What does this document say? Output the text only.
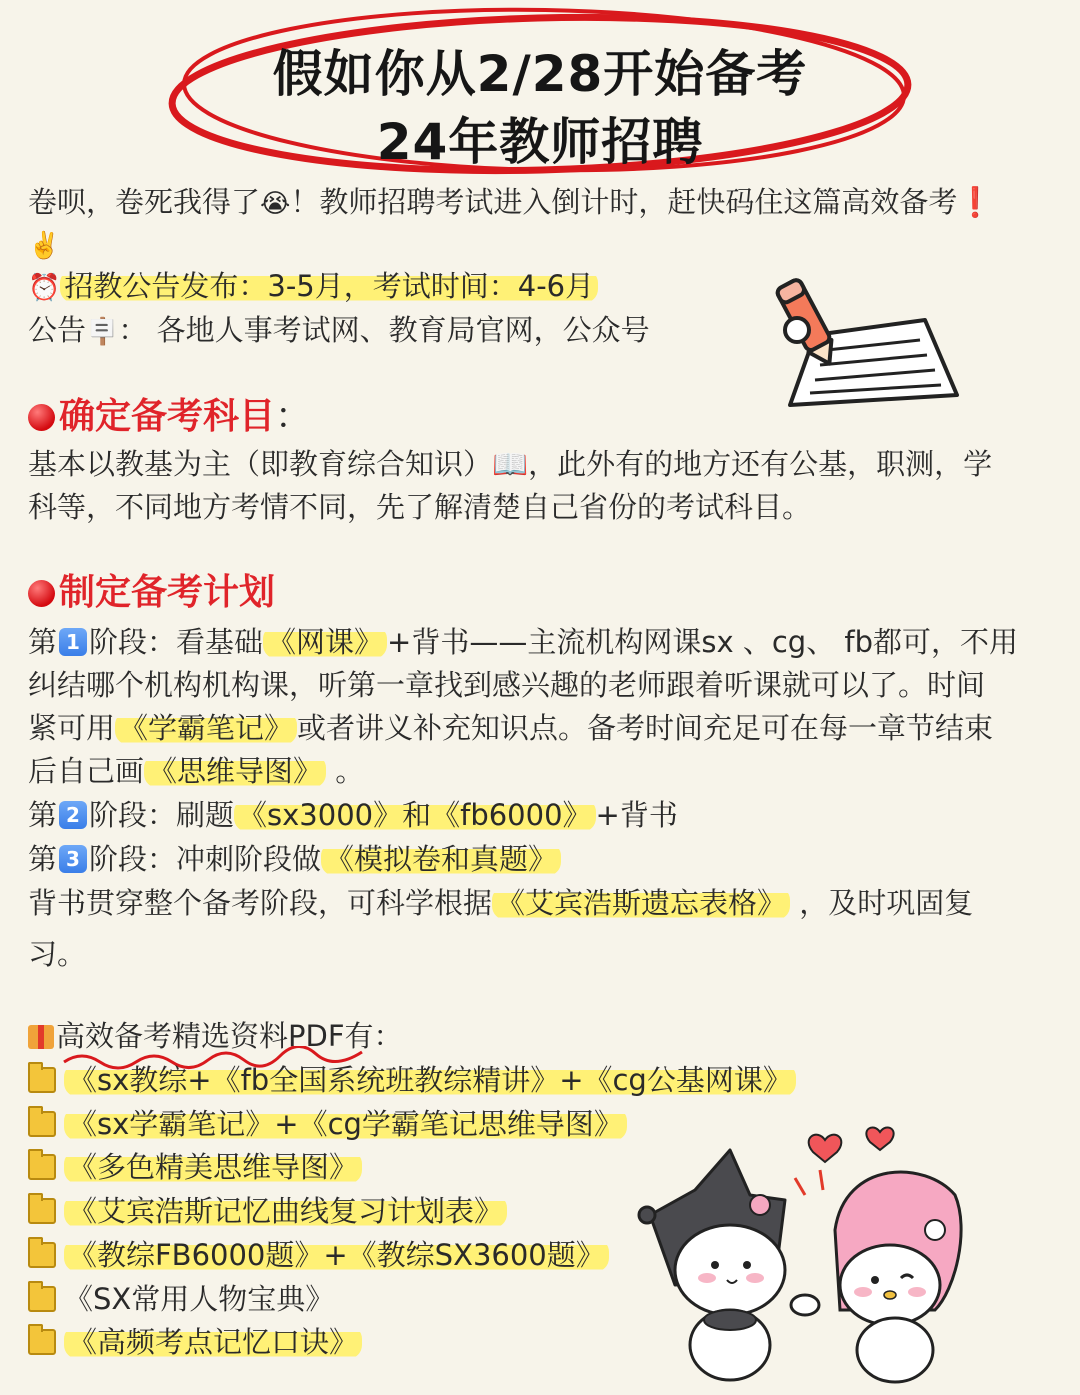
假如你从2/28开始备考
24年教师招聘
卷呗，卷死我得了😭！教师招聘考试进入倒计时，赶快码住这篇高效备考❗️
✌️
⏰ 招教公告发布：3-5月，考试时间：4-6月
公告🪧： 各地人事考试网、教育局官网，公众号
确定备考科目：
基本以教基为主（即教育综合知识）📖，此外有的地方还有公基，职测，学
科等，不同地方考情不同，先了解清楚自己省份的考试科目。
制定备考计划
第 1 阶段：看基础 《网课》 +背书——主流机构网课sx 、cg、 fb都可，不用
纠结哪个机构机构课，听第一章找到感兴趣的老师跟着听课就可以了。时间
紧可用 《学霸笔记》 或者讲义补充知识点。备考时间充足可在每一章节结束
后自己画 《思维导图》 。
第 2 阶段：刷题 《sx3000》和《fb6000》 +背书
第 3 阶段：冲刺阶段做 《模拟卷和真题》
背书贯穿整个备考阶段，可科学根据 《艾宾浩斯遗忘表格》 ，及时巩固复
习。
高效备考精选资料PDF有：
《sx教综+《fb全国系统班教综精讲》+《cg公基网课》
《sx学霸笔记》+《cg学霸笔记思维导图》
《多色精美思维导图》
《艾宾浩斯记忆曲线复习计划表》
《教综FB6000题》+《教综SX3600题》
《SX常用人物宝典》
《高频考点记忆口诀》
